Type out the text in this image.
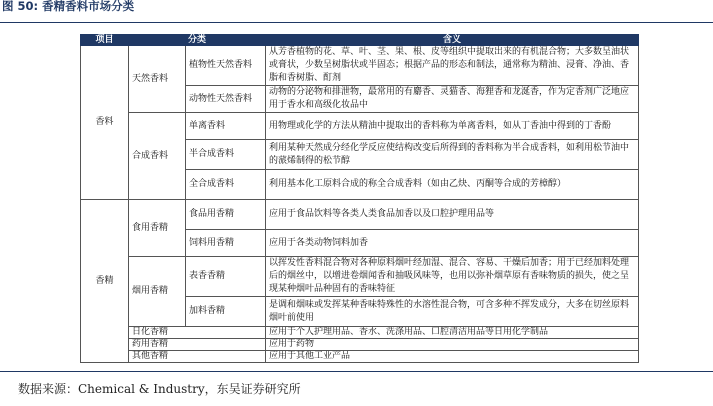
图 50: 香精香料市场分类
项目	分类		含义
香料	天然香料	植物性天然香料	从芳香植物的花、草、叶、茎、果、根、皮等组织中提取出来的有机混合物；大多数呈油状或膏状，少数呈树脂状或半固态；根据产品的形态和制法，通常称为精油、浸膏、净油、香脂和香树脂、酊剂
		动物性天然香料	动物的分泌物和排泄物，最常用的有麝香、灵猫香、海狸香和龙涎香，作为定香剂广泛地应用于香水和高级化妆品中
	合成香料	单离香料	用物理或化学的方法从精油中提取出的香料称为单离香料，如从丁香油中得到的丁香酚
		半合成香料	利用某种天然成分经化学反应使结构改变后所得到的香料称为半合成香料，如利用松节油中的蒎烯制得的松节醇
		全合成香料	利用基本化工原料合成的称全合成香料（如由乙炔、丙酮等合成的芳樟醇）
香精	食用香精	食品用香精	应用于食品饮料等各类人类食品加香以及口腔护理用品等
		饲料用香精	应用于各类动物饲料加香
	烟用香精	表香香精	以挥发性香料混合物对各种原料烟叶经加湿、混合、容易、干燥后加香；用于已经加料处理后的烟丝中，以增进卷烟闻香和抽吸风味等，也用以弥补烟草原有香味物质的损失，使之呈现某种烟叶品种固有的香味特征
		加料香精	是调和烟味或发挥某种香味特殊性的水溶性混合物，可含多种不挥发成分，大多在切丝原料烟叶前使用
	日化香精		应用于个人护理用品、香水、洗涤用品、口腔清洁用品等日用化学制品
	药用香精		应用于药物
	其他香精		应用于其他工业产品
数据来源：Chemical & Industry，东吴证券研究所
